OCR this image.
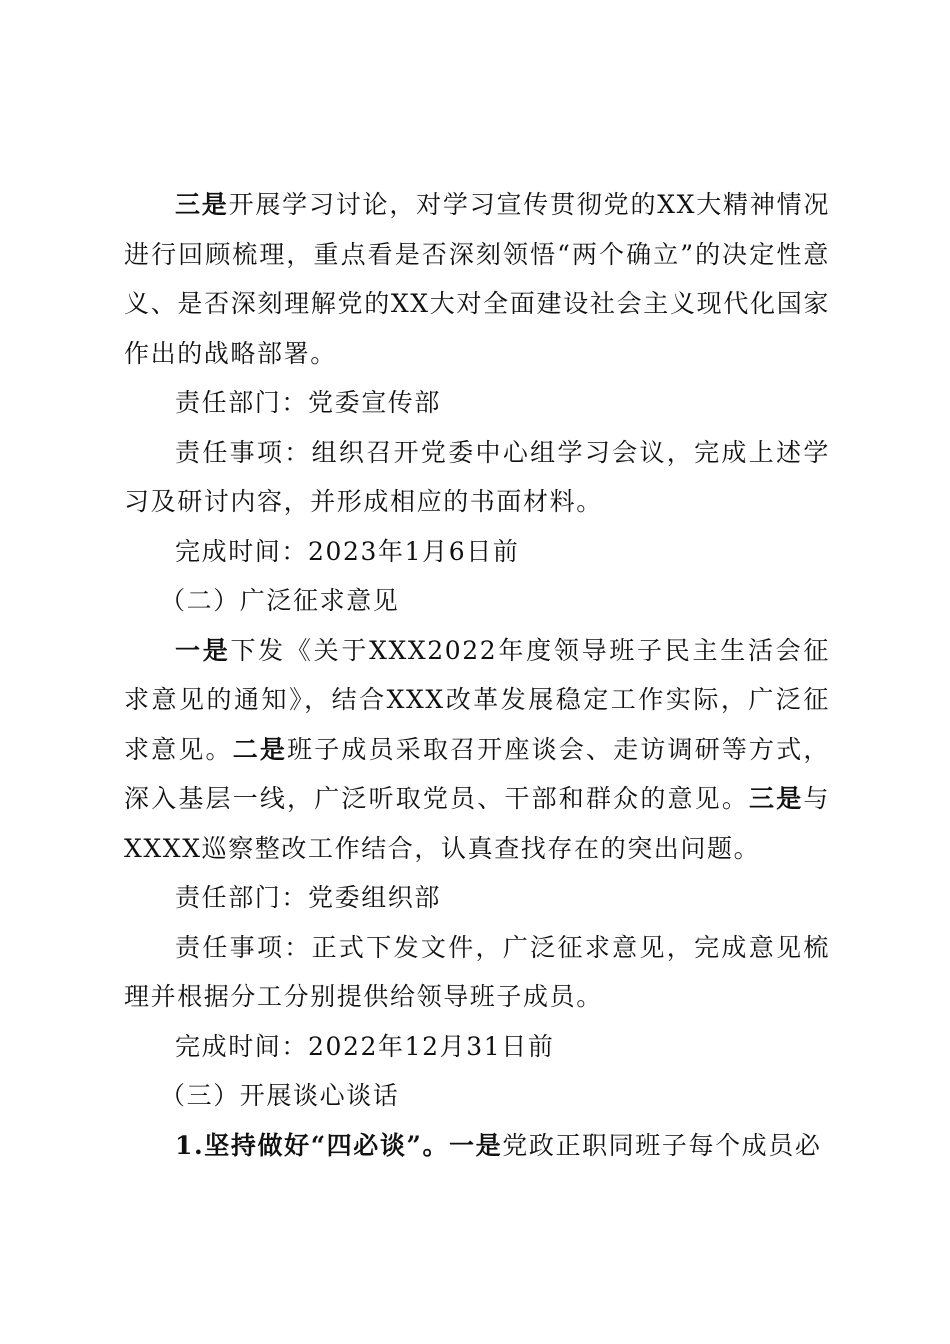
三是开展学习讨论，对学习宣传贯彻党的XX大精神情况进行回顾梳理，重点看是否深刻领悟“两个确立”的决定性意义、是否深刻理解党的XX大对全面建设社会主义现代化国家作出的战略部署。

责任部门：党委宣传部

责任事项：组织召开党委中心组学习会议，完成上述学习及研讨内容，并形成相应的书面材料。

完成时间：2023年1月6日前

（二）广泛征求意见

一是下发《关于XXX2022年度领导班子民主生活会征求意见的通知》，结合XXX改革发展稳定工作实际，广泛征求意见。二是班子成员采取召开座谈会、走访调研等方式，深入基层一线，广泛听取党员、干部和群众的意见。三是与XXXX巡察整改工作结合，认真查找存在的突出问题。

责任部门：党委组织部

责任事项：正式下发文件，广泛征求意见，完成意见梳理并根据分工分别提供给领导班子成员。

完成时间：2022年12月31日前

（三）开展谈心谈话

1.坚持做好“四必谈”。一是党政正职同班子每个成员必
